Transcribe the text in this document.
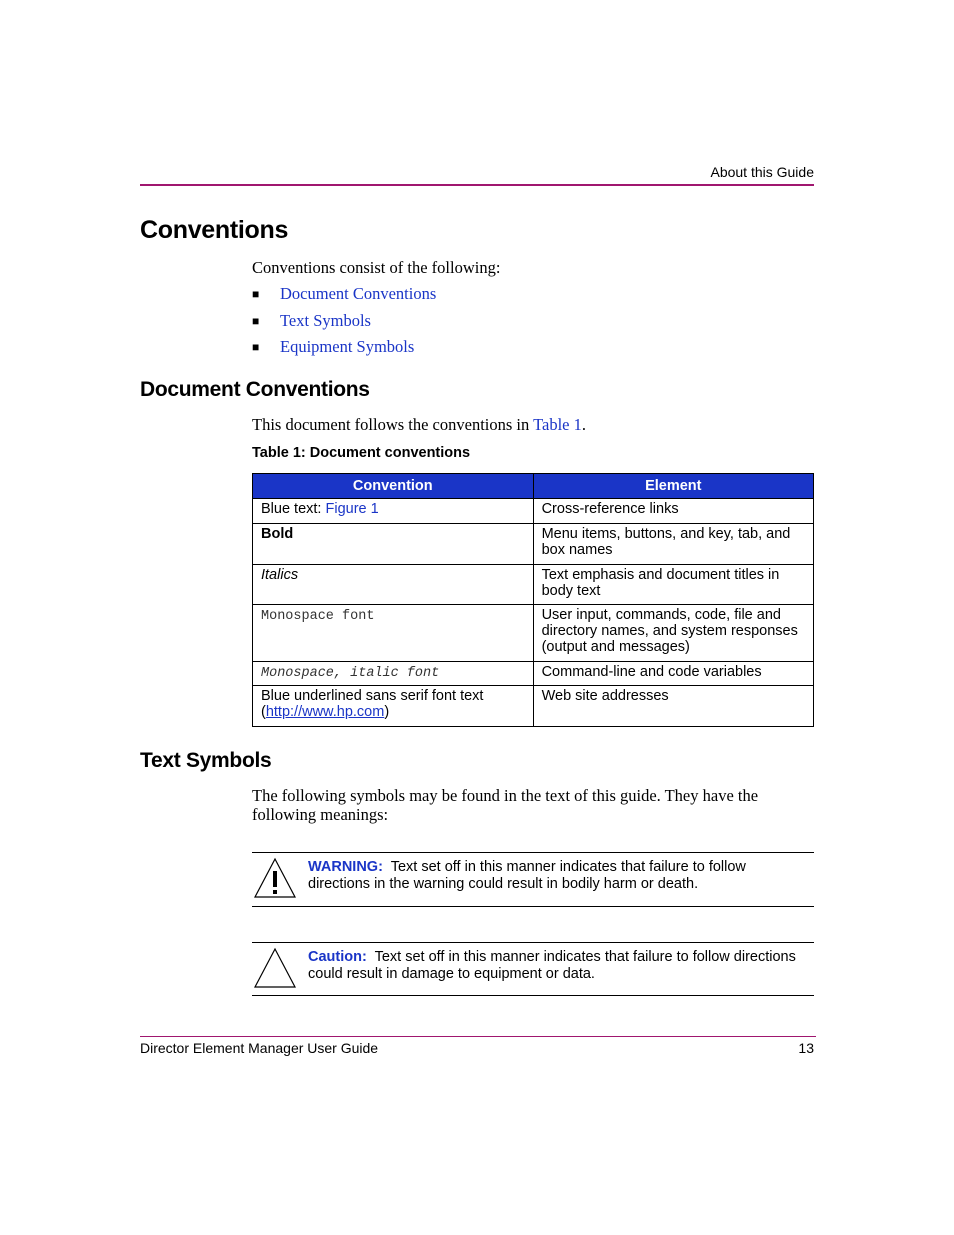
About this Guide
Conventions
Conventions consist of the following:
■ Document Conventions
■ Text Symbols
■ Equipment Symbols
Document Conventions
This document follows the conventions in Table 1.
Table 1: Document conventions
Convention	Element
Blue text: Figure 1	Cross-reference links
Bold	Menu items, buttons, and key, tab, and box names
Italics	Text emphasis and document titles in body text
Monospace font	User input, commands, code, file and directory names, and system responses (output and messages)
Monospace, italic font	Command-line and code variables
Blue underlined sans serif font text
(http://www.hp.com)	Web site addresses
Text Symbols
The following symbols may be found in the text of this guide. They have the following meanings:
WARNING: Text set off in this manner indicates that failure to follow directions in the warning could result in bodily harm or death.
Caution: Text set off in this manner indicates that failure to follow directions could result in damage to equipment or data.
Director Element Manager User Guide	13
